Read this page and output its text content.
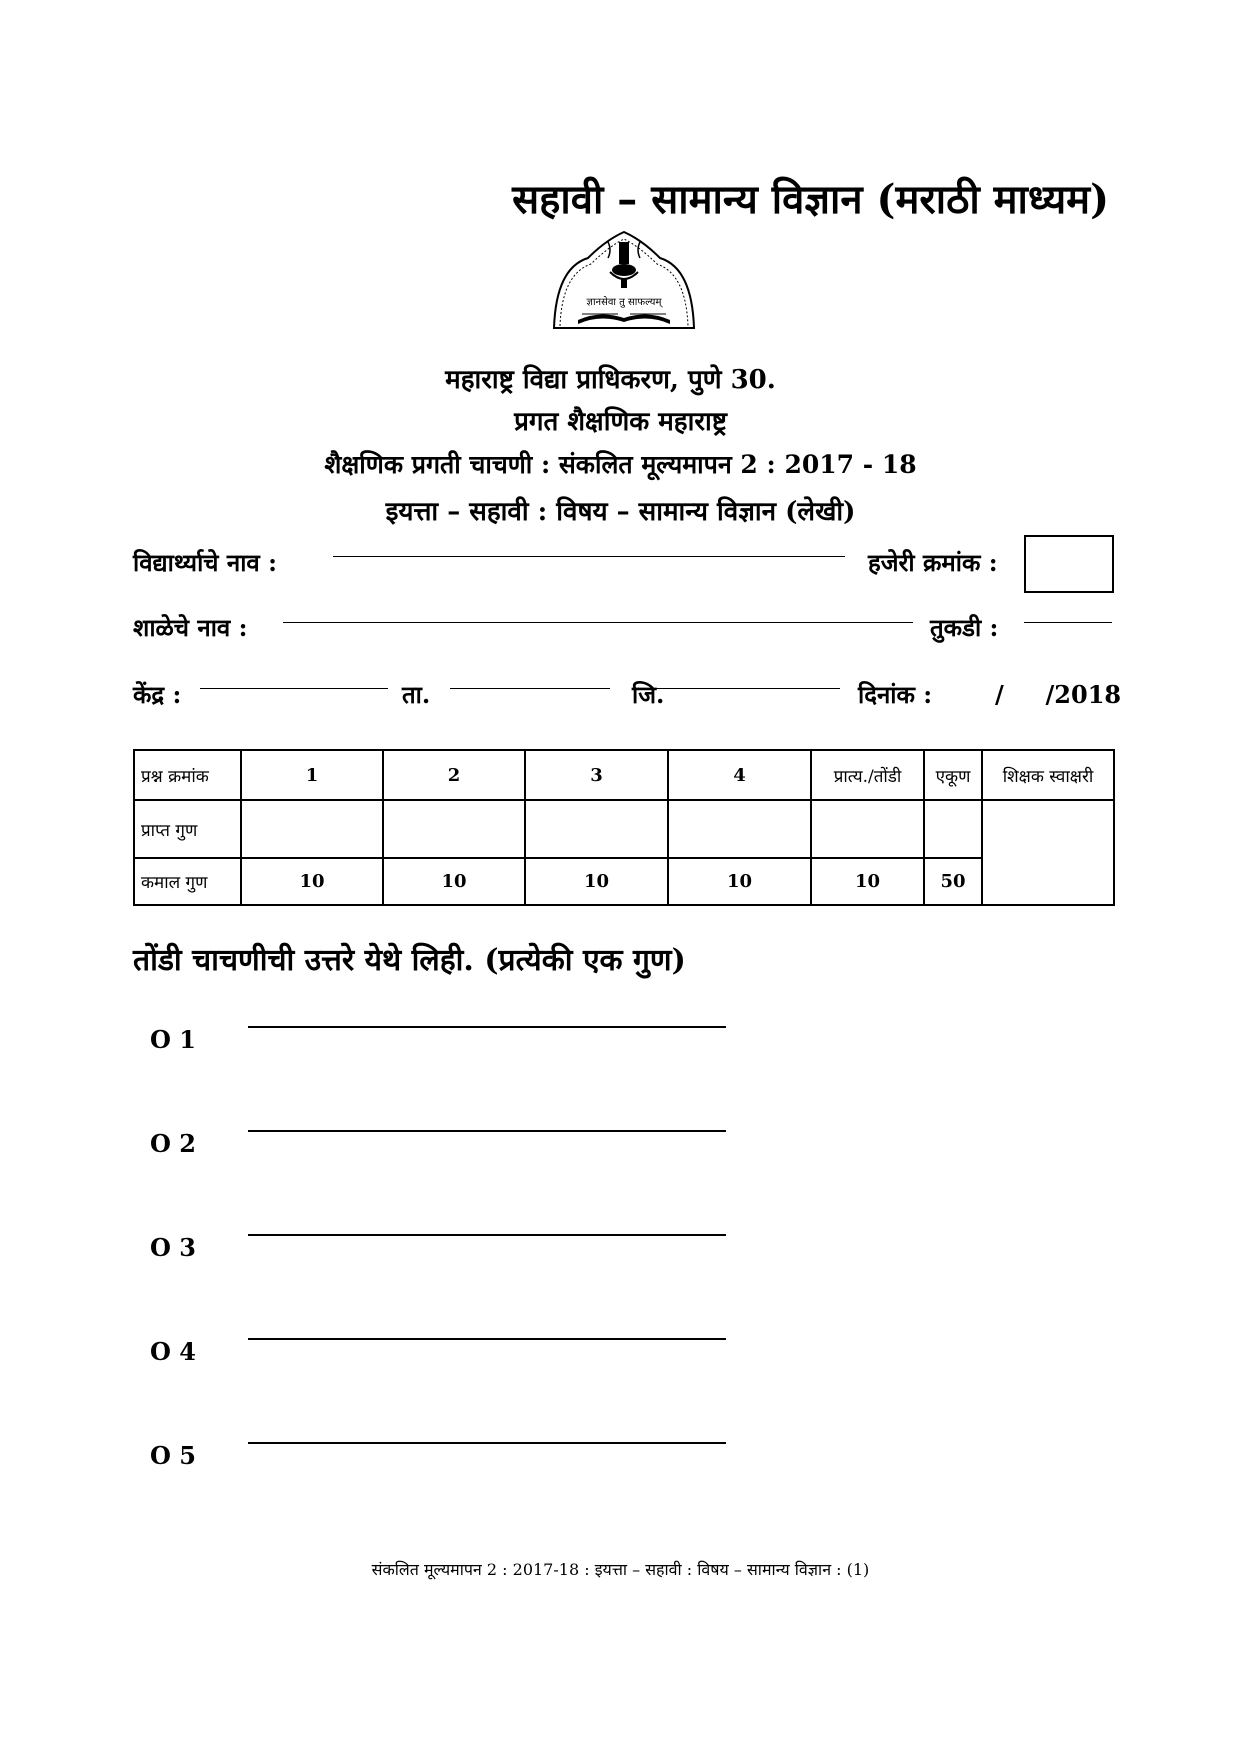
सहावी – सामान्य विज्ञान (मराठी माध्यम)
ज्ञानसेवा तु साफल्यम्
महाराष्ट्र विद्या प्राधिकरण, पुणे 30.
प्रगत शैक्षणिक महाराष्ट्र
शैक्षणिक प्रगती चाचणी : संकलित मूल्यमापन 2 : 2017 - 18
इयत्ता – सहावी : विषय – सामान्य विज्ञान (लेखी)
विद्यार्थ्याचे नाव :	हजेरी क्रमांक :
शाळेचे नाव :	तुकडी :
केंद्र :	ता.	जि.	दिनांक :	/     /2018
प्रश्न क्रमांक	1	2	3	4	प्रात्य./तोंडी	एकूण	शिक्षक स्वाक्षरी
प्राप्त गुण							
कमाल गुण	10	10	10	10	10	50	
तोंडी चाचणीची उत्तरे येथे लिही. (प्रत्येकी एक गुण)
O 1
O 2
O 3
O 4
O 5
संकलित मूल्यमापन 2 : 2017-18 : इयत्ता – सहावी : विषय – सामान्य विज्ञान : (1)
